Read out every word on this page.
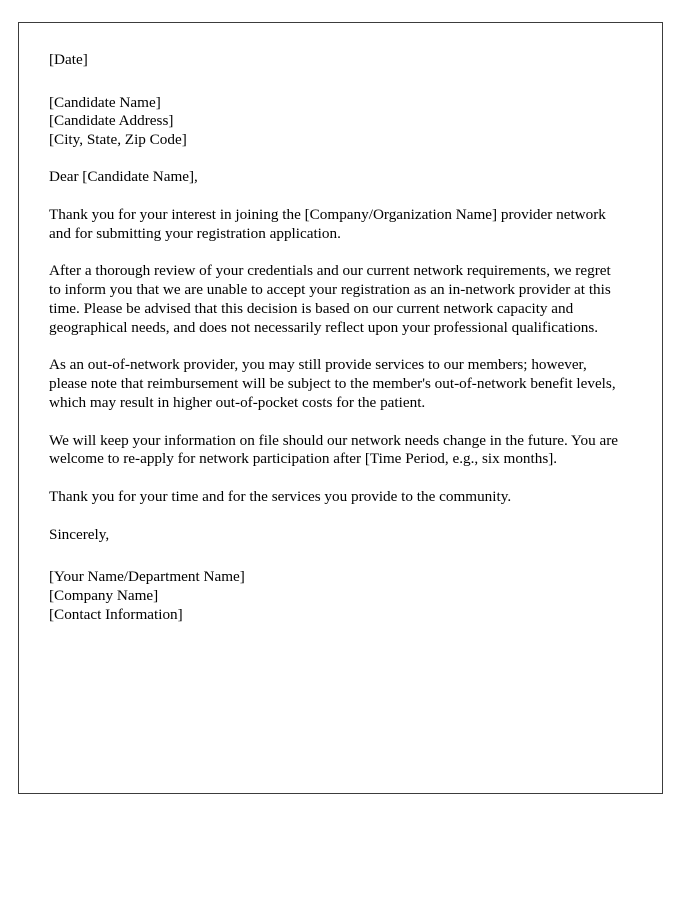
[Date]

[Candidate Name]
[Candidate Address]
[City, State, Zip Code]

Dear [Candidate Name],

Thank you for your interest in joining the [Company/Organization Name] provider network and for submitting your registration application.

After a thorough review of your credentials and our current network requirements, we regret to inform you that we are unable to accept your registration as an in-network provider at this time. Please be advised that this decision is based on our current network capacity and geographical needs, and does not necessarily reflect upon your professional qualifications.

As an out-of-network provider, you may still provide services to our members; however, please note that reimbursement will be subject to the member's out-of-network benefit levels, which may result in higher out-of-pocket costs for the patient.

We will keep your information on file should our network needs change in the future. You are welcome to re-apply for network participation after [Time Period, e.g., six months].

Thank you for your time and for the services you provide to the community.

Sincerely,

[Your Name/Department Name]
[Company Name]
[Contact Information]
